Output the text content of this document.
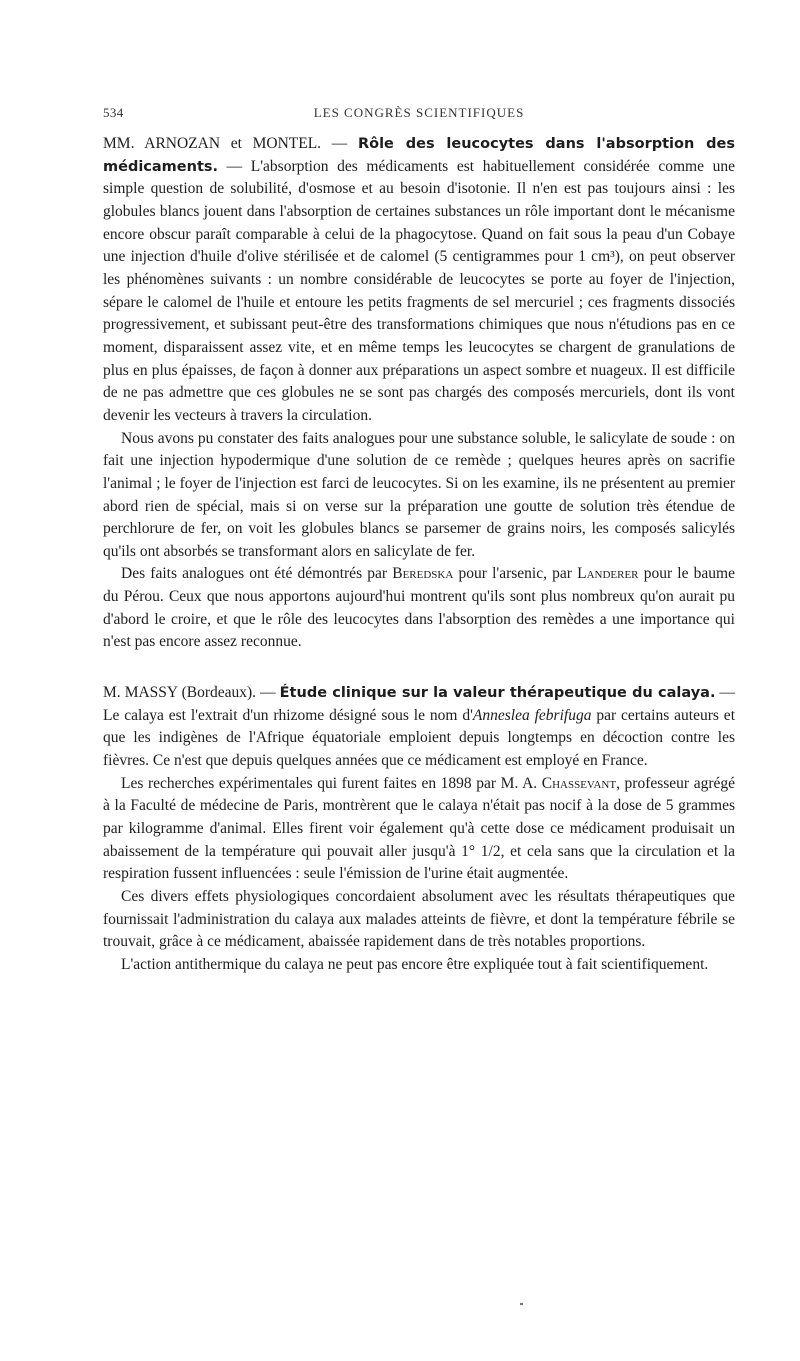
534	LES CONGRÈS SCIENTIFIQUES

MM. ARNOZAN et MONTEL. — Rôle des leucocytes dans l'absorption des médicaments. — L'absorption des médicaments est habituellement considérée comme une simple question de solubilité, d'osmose et au besoin d'isotonie. Il n'en est pas toujours ainsi : les globules blancs jouent dans l'absorption de certaines substances un rôle important dont le mécanisme encore obscur paraît comparable à celui de la phagocytose. Quand on fait sous la peau d'un Cobaye une injection d'huile d'olive stérilisée et de calomel (5 centigrammes pour 1 cm³), on peut observer les phénomènes suivants : un nombre considérable de leucocytes se porte au foyer de l'injection, sépare le calomel de l'huile et entoure les petits fragments de sel mercuriel ; ces fragments dissociés progressivement, et subissant peut-être des transformations chimiques que nous n'étudions pas en ce moment, disparaissent assez vite, et en même temps les leucocytes se chargent de granulations de plus en plus épaisses, de façon à donner aux préparations un aspect sombre et nuageux. Il est difficile de ne pas admettre que ces globules ne se sont pas chargés des composés mercuriels, dont ils vont devenir les vecteurs à travers la circulation.

Nous avons pu constater des faits analogues pour une substance soluble, le salicylate de soude : on fait une injection hypodermique d'une solution de ce remède ; quelques heures après on sacrifie l'animal ; le foyer de l'injection est farci de leucocytes. Si on les examine, ils ne présentent au premier abord rien de spécial, mais si on verse sur la préparation une goutte de solution très étendue de perchlorure de fer, on voit les globules blancs se parsemer de grains noirs, les composés salicylés qu'ils ont absorbés se transformant alors en salicylate de fer.

Des faits analogues ont été démontrés par Beredska pour l'arsenic, par Landerer pour le baume du Pérou. Ceux que nous apportons aujourd'hui montrent qu'ils sont plus nombreux qu'on aurait pu d'abord le croire, et que le rôle des leucocytes dans l'absorption des remèdes a une importance qui n'est pas encore assez reconnue.

M. MASSY (Bordeaux). — Étude clinique sur la valeur thérapeutique du calaya. — Le calaya est l'extrait d'un rhizome désigné sous le nom d'Anneslea febrifuga par certains auteurs et que les indigènes de l'Afrique équatoriale emploient depuis longtemps en décoction contre les fièvres. Ce n'est que depuis quelques années que ce médicament est employé en France.

Les recherches expérimentales qui furent faites en 1898 par M. A. Chassevant, professeur agrégé à la Faculté de médecine de Paris, montrèrent que le calaya n'était pas nocif à la dose de 5 grammes par kilogramme d'animal. Elles firent voir également qu'à cette dose ce médicament produisait un abaissement de la température qui pouvait aller jusqu'à 1° 1/2, et cela sans que la circulation et la respiration fussent influencées : seule l'émission de l'urine était augmentée.

Ces divers effets physiologiques concordaient absolument avec les résultats thérapeutiques que fournissait l'administration du calaya aux malades atteints de fièvre, et dont la température fébrile se trouvait, grâce à ce médicament, abaissée rapidement dans de très notables proportions.

L'action antithermique du calaya ne peut pas encore être expliquée tout à fait scientifiquement.
